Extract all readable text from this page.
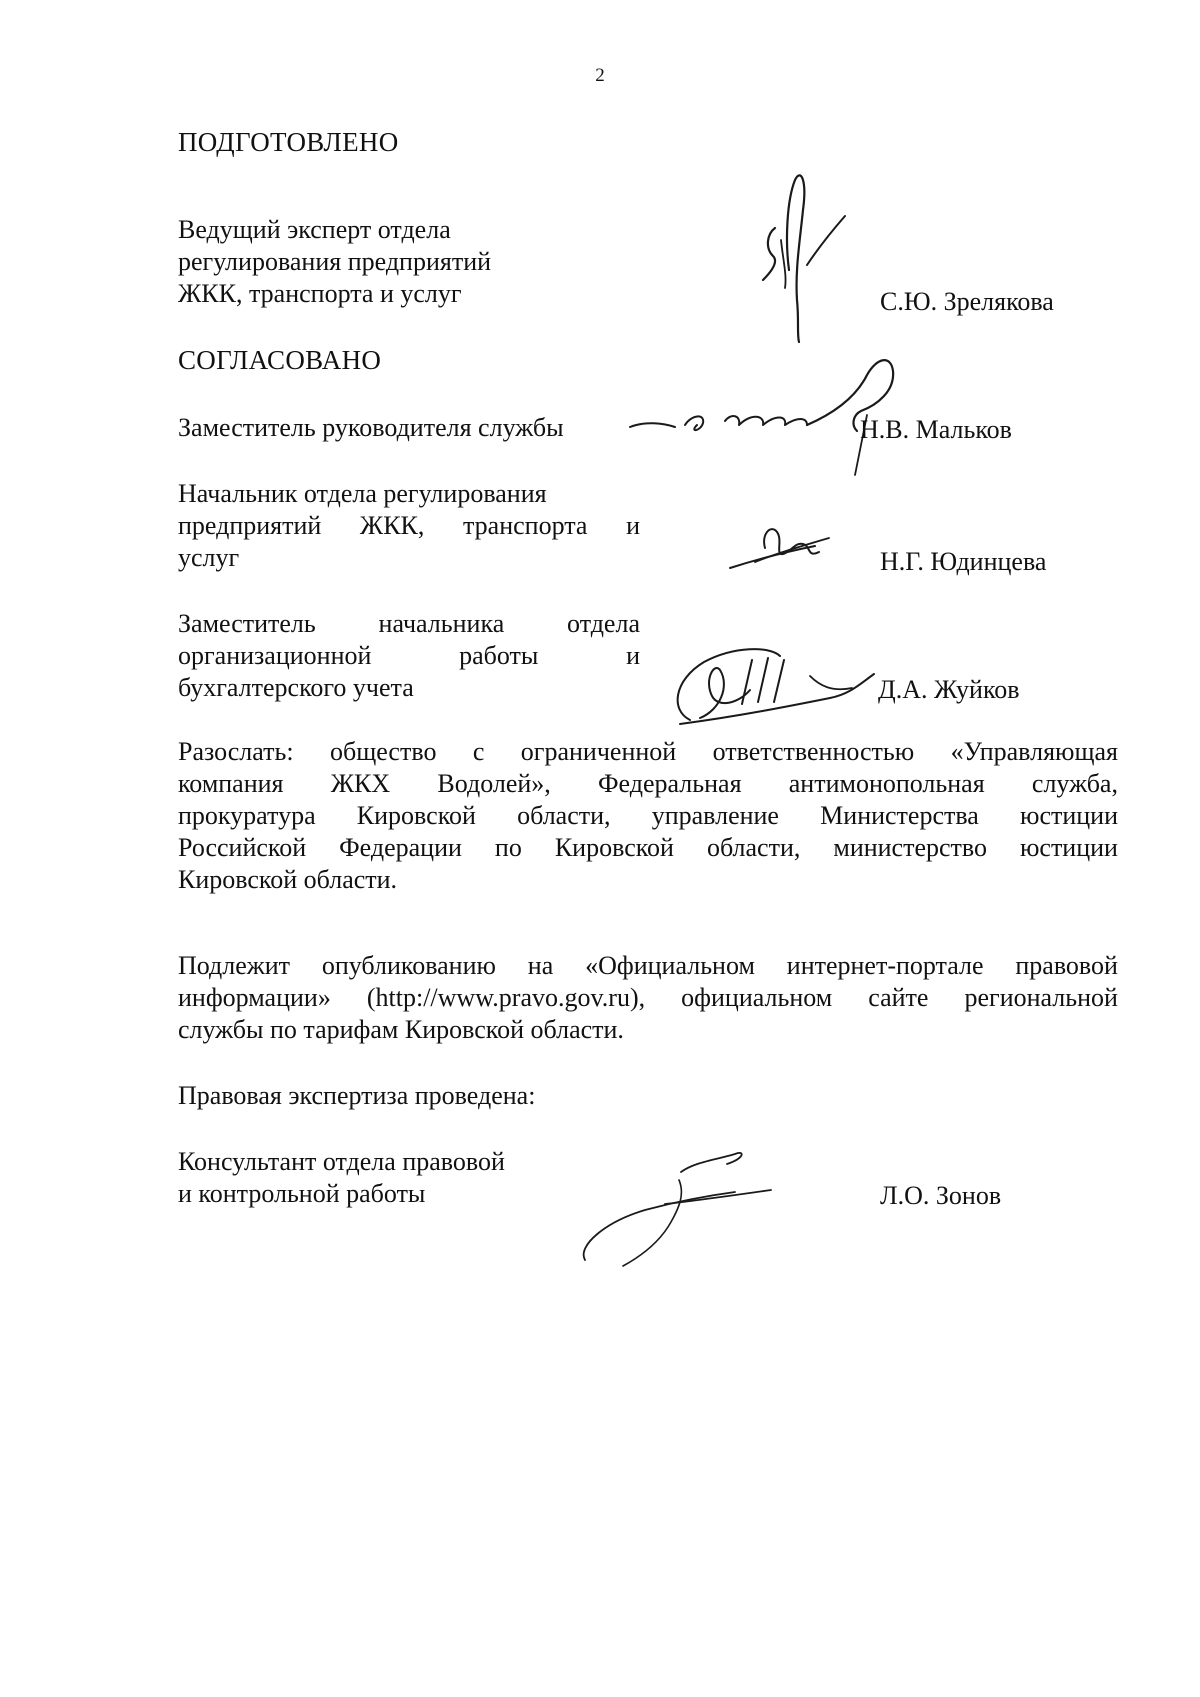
2
ПОДГОТОВЛЕНО
Ведущий эксперт отдела
регулирования предприятий
ЖКК, транспорта и услуг	С.Ю. Зрелякова
СОГЛАСОВАНО
Заместитель руководителя службы	Н.В. Мальков
Начальник отдела регулирования
предприятий ЖКК, транспорта и
услуг	Н.Г. Юдинцева
Заместитель начальника отдела
организационной	работы	и
бухгалтерского учета	Д.А. Жуйков
Разослать: общество с ограниченной ответственностью «Управляющая
компания ЖКХ Водолей», Федеральная антимонопольная служба,
прокуратура Кировской области, управление Министерства юстиции
Российской Федерации по Кировской области, министерство юстиции
Кировской области.
Подлежит опубликованию на «Официальном интернет-портале правовой
информации» (http://www.pravo.gov.ru), официальном сайте региональной
службы по тарифам Кировской области.
Правовая экспертиза проведена:
Консультант отдела правовой
и контрольной работы	Л.О. Зонов
